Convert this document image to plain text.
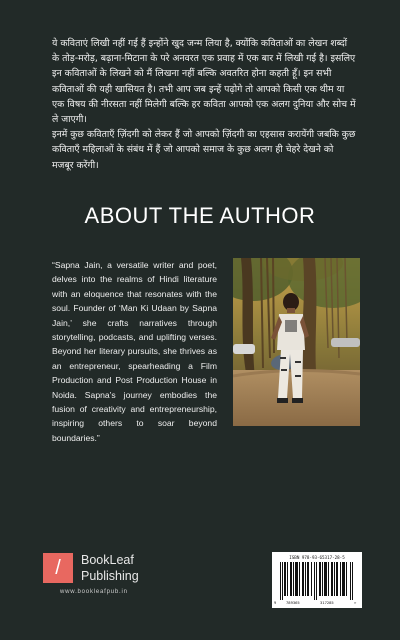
ये कविताएं लिखी नहीं गई हैं इन्होंने खुद जन्म लिया है, क्योंकि कविताओं का लेखन शब्दों के तोड़-मरोड़, बढ़ाना-मिटाना के परे अनवरत एक प्रवाह में एक बार में लिखी गई है। इसलिए इन कविताओं के लिखने को मैं लिखना नहीं बल्कि अवतरित होना कहती हूँ। इन सभी कविताओं की यही खासियत है। तभी आप जब इन्हें पढ़ोगे तो आपको किसी एक थीम या एक विषय की नीरसता नहीं मिलेगी बल्कि हर कविता आपको एक अलग दुनिया और सोच में ले जाएगी।

इनमें कुछ कविताएँ ज़िंदगी को लेकर हैं जो आपको ज़िंदगी का एहसास करायेंगी जबकि कुछ कविताएँ महिलाओं के संबंध में हैं जो आपको समाज के कुछ अलग ही चेहरे देखने को मजबूर करेंगी।

ABOUT THE AUTHOR
“Sapna Jain, a versatile writer and poet, delves into the realms of Hindi literature with an eloquence that resonates with the soul. Founder of ‘Man Ki Udaan by Sapna Jain,’ she crafts narratives through storytelling, podcasts, and uplifting verses. Beyond her literary pursuits, she thrives as an entrepreneur, spearheading a Film Production and Post Production House in Noida. Sapna’s journey embodies the fusion of creativity and entrepreneurship, inspiring others to soar beyond boundaries.”
/	BookLeaf
Publishing
www.bookleafpub.in
ISBN 978-93-65317-28-5
9	789365	317285	>
